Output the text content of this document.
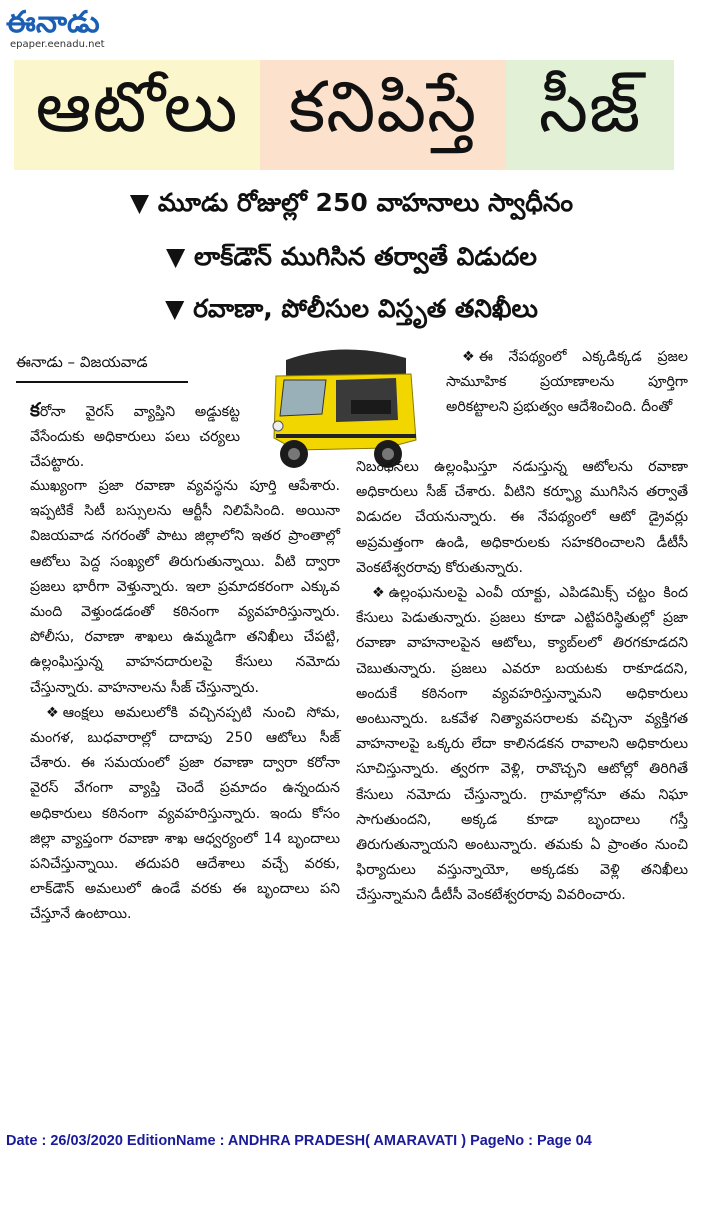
ఈనాడు
epaper.eenadu.net
ఆటోలు కనిపిస్తే సీజ్
▼ మూడు రోజుల్లో 250 వాహనాలు స్వాధీనం
▼ లాక్‌డౌన్‌ ముగిసిన తర్వాతే విడుదల
▼ రవాణా, పోలీసుల విస్తృత తనిఖీలు
ఈనాడు – విజయవాడ

కరోనా వైరస్‌ వ్యాప్తిని అడ్డుకట్ట వేసేందుకు అధికారులు పలు చర్యలు చేపట్టారు.

ముఖ్యంగా ప్రజా రవాణా వ్యవస్థను పూర్తి ఆపేశారు. ఇప్పటికే సిటీ బస్సులను ఆర్టీసీ నిలిపేసింది. అయినా విజయవాడ నగరంతో పాటు జిల్లాలోని ఇతర ప్రాంతాల్లో ఆటోలు పెద్ద సంఖ్యలో తిరుగుతున్నాయి. వీటి ద్వారా ప్రజలు భారీగా వెళ్తున్నారు. ఇలా ప్రమాదకరంగా ఎక్కువ మంది వెళ్తుండడంతో కఠినంగా వ్యవహరిస్తున్నారు. పోలీసు, రవాణా శాఖలు ఉమ్మడిగా తనిఖీలు చేపట్టి, ఉల్లంఘిస్తున్న వాహనదారులపై కేసులు నమోదు చేస్తున్నారు. వాహనాలను సీజ్‌ చేస్తున్నారు.

❖ ఆంక్షలు అమలులోకి వచ్చినప్పటి నుంచి సోమ, మంగళ, బుధవారాల్లో దాదాపు 250 ఆటోలు సీజ్‌ చేశారు. ఈ సమయంలో ప్రజా రవాణా ద్వారా కరోనా వైరస్‌ వేగంగా వ్యాప్తి చెందే ప్రమాదం ఉన్నందున అధికారులు కఠినంగా వ్యవహరిస్తున్నారు. ఇందు కోసం జిల్లా వ్యాప్తంగా రవాణా శాఖ ఆధ్వర్యంలో 14 బృందాలు పనిచేస్తున్నాయి. తదుపరి ఆదేశాలు వచ్చే వరకు, లాక్‌డౌన్‌ అమలులో ఉండే వరకు ఈ బృందాలు పని చేస్తూనే ఉంటాయి.

❖ ఈ నేపథ్యంలో ఎక్కడిక్కడ ప్రజల సామూహిక ప్రయాణాలను పూర్తిగా అరికట్టాలని ప్రభుత్వం ఆదేశించింది. దీంతో

నిబంధనలు ఉల్లంఘిస్తూ నడుస్తున్న ఆటోలను రవాణా అధికారులు సీజ్‌ చేశారు. వీటిని కర్ఫ్యూ ముగిసిన తర్వాతే విడుదల చేయనున్నారు. ఈ నేపథ్యంలో ఆటో డ్రైవర్లు అప్రమత్తంగా ఉండి, అధికారులకు సహకరించాలని డీటీసీ వెంకటేశ్వరరావు కోరుతున్నారు.

❖ ఉల్లంఘనులపై ఎంవీ యాక్టు, ఎపిడమిక్స్‌ చట్టం కింద కేసులు పెడుతున్నారు. ప్రజలు కూడా ఎట్టిపరిస్థితుల్లో ప్రజా రవాణా వాహనాలపైన ఆటోలు, క్యాబ్‌లలో తిరగకూడదని చెబుతున్నారు. ప్రజలు ఎవరూ బయటకు రాకూడదని, అందుకే కఠినంగా వ్యవహరిస్తున్నామని అధికారులు అంటున్నారు. ఒకవేళ నిత్యావసరాలకు వచ్చినా వ్యక్తిగత వాహనాలపై ఒక్కరు లేదా కాలినడకన రావాలని అధికారులు సూచిస్తున్నారు. త్వరగా వెళ్లి, రావొచ్చని ఆటోల్లో తిరిగితే కేసులు నమోదు చేస్తున్నారు. గ్రామాల్లోనూ తమ నిఘా సాగుతుందని, అక్కడ కూడా బృందాలు గస్తీ తిరుగుతున్నాయని అంటున్నారు. తమకు ఏ ప్రాంతం నుంచి ఫిర్యాదులు వస్తున్నాయో, అక్కడకు వెళ్లి తనిఖీలు చేస్తున్నామని డీటీసీ వెంకటేశ్వరరావు వివరించారు.

Date : 26/03/2020 EditionName : ANDHRA PRADESH( AMARAVATI ) PageNo : Page 04
